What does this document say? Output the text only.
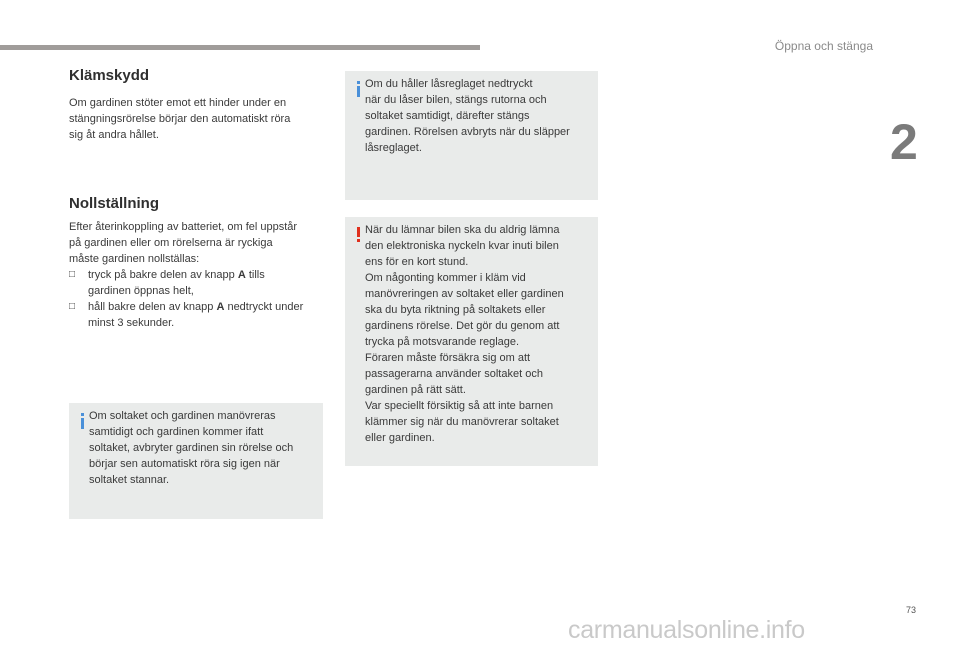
Öppna och stänga
2
Klämskydd
Om gardinen stöter emot ett hinder under en
stängningsrörelse börjar den automatiskt röra
sig åt andra hållet.
Nollställning
Efter återinkoppling av batteriet, om fel uppstår
på gardinen eller om rörelserna är ryckiga
måste gardinen nollställas:
□ tryck på bakre delen av knapp A tills
gardinen öppnas helt,
□ håll bakre delen av knapp A nedtryckt under
minst 3 sekunder.
Om soltaket och gardinen manövreras
samtidigt och gardinen kommer ifatt
soltaket, avbryter gardinen sin rörelse och
börjar sen automatiskt röra sig igen när
soltaket stannar.
Om du håller låsreglaget nedtryckt
när du låser bilen, stängs rutorna och
soltaket samtidigt, därefter stängs
gardinen. Rörelsen avbryts när du släpper
låsreglaget.
När du lämnar bilen ska du aldrig lämna
den elektroniska nyckeln kvar inuti bilen
ens för en kort stund.
Om någonting kommer i kläm vid
manövreringen av soltaket eller gardinen
ska du byta riktning på soltakets eller
gardinens rörelse. Det gör du genom att
trycka på motsvarande reglage.
Föraren måste försäkra sig om att
passagerarna använder soltaket och
gardinen på rätt sätt.
Var speciellt försiktig så att inte barnen
klämmer sig när du manövrerar soltaket
eller gardinen.
73
carmanualsonline.info
